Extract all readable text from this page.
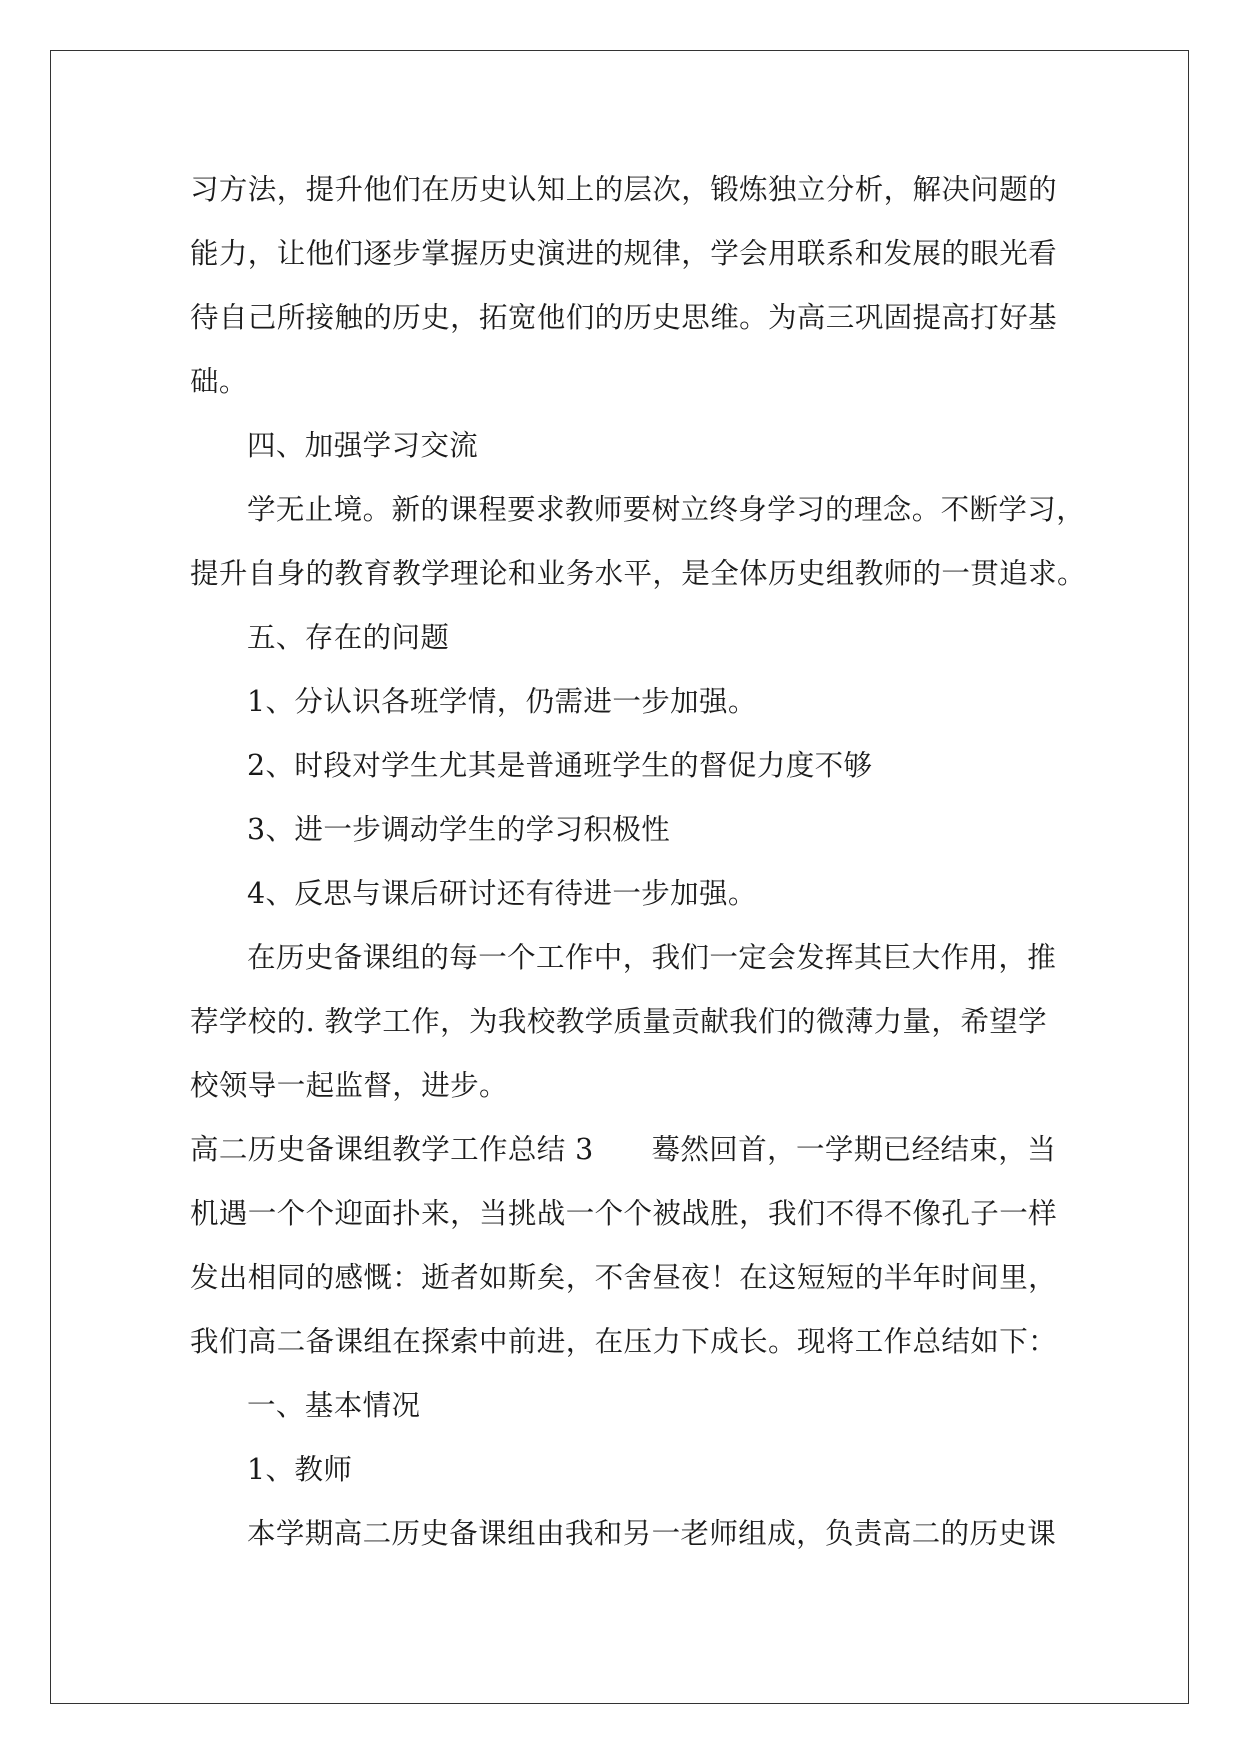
习方法，提升他们在历史认知上的层次，锻炼独立分析，解决问题的
能力，让他们逐步掌握历史演进的规律，学会用联系和发展的眼光看
待自己所接触的历史，拓宽他们的历史思维。为高三巩固提高打好基
础。
四、加强学习交流
学无止境。新的课程要求教师要树立终身学习的理念。不断学习，
提升自身的教育教学理论和业务水平，是全体历史组教师的一贯追求。
五、存在的问题
1、分认识各班学情，仍需进一步加强。
2、时段对学生尤其是普通班学生的督促力度不够
3、进一步调动学生的学习积极性
4、反思与课后研讨还有待进一步加强。
在历史备课组的每一个工作中，我们一定会发挥其巨大作用，推
荐学校的. 教学工作，为我校教学质量贡献我们的微薄力量，希望学
校领导一起监督，进步。
高二历史备课组教学工作总结 3　　蓦然回首，一学期已经结束，当
机遇一个个迎面扑来，当挑战一个个被战胜，我们不得不像孔子一样
发出相同的感慨：逝者如斯矣，不舍昼夜！在这短短的半年时间里，
我们高二备课组在探索中前进，在压力下成长。现将工作总结如下：
一、基本情况
1、教师
本学期高二历史备课组由我和另一老师组成，负责高二的历史课
